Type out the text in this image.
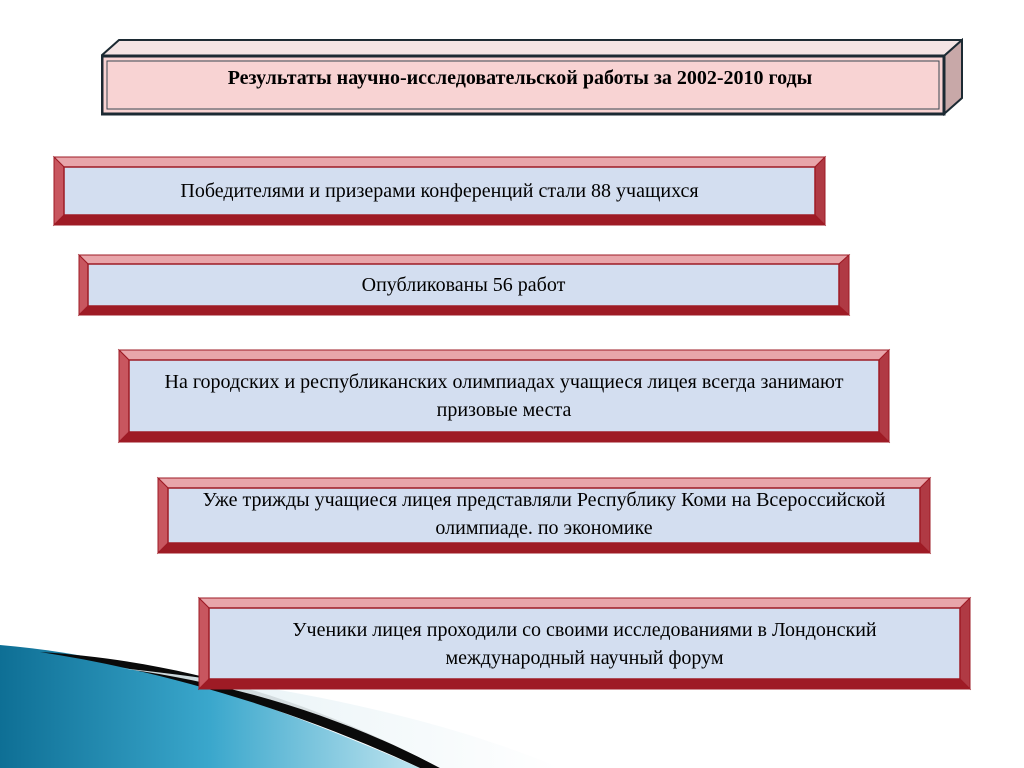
Результаты научно-исследовательской работы за 2002-2010 годы
Победителями и призерами конференций стали 88 учащихся
Опубликованы 56 работ
На городских и республиканских олимпиадах учащиеся лицея всегда занимают призовые места
Уже трижды учащиеся лицея представляли Республику Коми на Всероссийской олимпиаде. по экономике
Ученики лицея проходили со своими исследованиями в Лондонский международный научный форум
